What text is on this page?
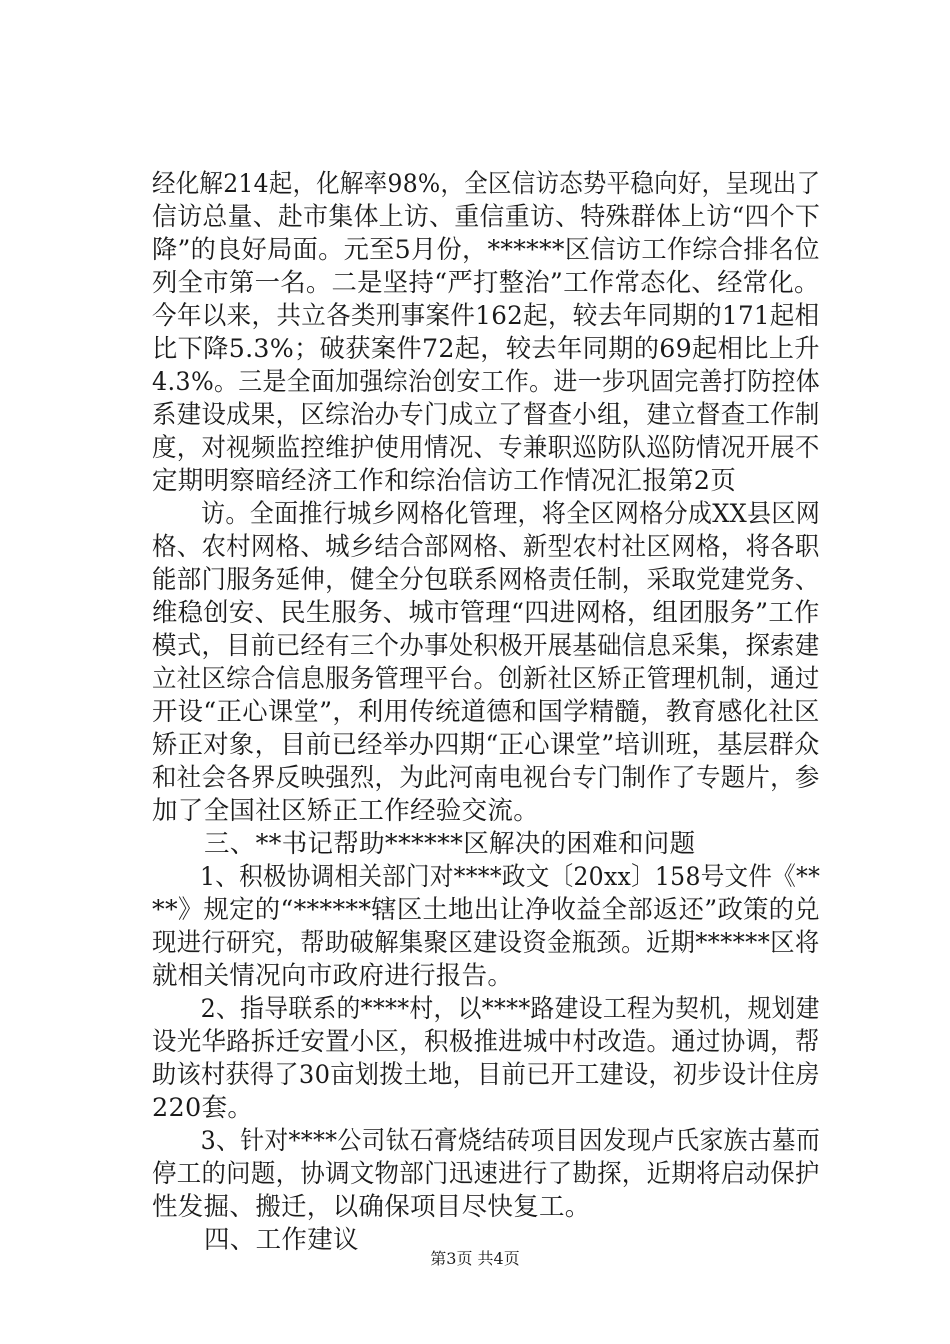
经化解214起，化解率98%，全区信访态势平稳向好，呈现出了
信访总量、赴市集体上访、重信重访、特殊群体上访“四个下
降”的良好局面。元至5月份，******区信访工作综合排名位
列全市第一名。二是坚持“严打整治”工作常态化、经常化。
今年以来，共立各类刑事案件162起，较去年同期的171起相
比下降5.3%；破获案件72起，较去年同期的69起相比上升
4.3%。三是全面加强综治创安工作。进一步巩固完善打防控体
系建设成果，区综治办专门成立了督查小组，建立督查工作制
度，对视频监控维护使用情况、专兼职巡防队巡防情况开展不
定期明察暗经济工作和综治信访工作情况汇报第2页
访。全面推行城乡网格化管理，将全区网格分成XX县区网
格、农村网格、城乡结合部网格、新型农村社区网格，将各职
能部门服务延伸，健全分包联系网格责任制，采取党建党务、
维稳创安、民生服务、城市管理“四进网格，组团服务”工作
模式，目前已经有三个办事处积极开展基础信息采集，探索建
立社区综合信息服务管理平台。创新社区矫正管理机制，通过
开设“正心课堂”，利用传统道德和国学精髓，教育感化社区
矫正对象，目前已经举办四期“正心课堂”培训班，基层群众
和社会各界反映强烈，为此河南电视台专门制作了专题片，参
加了全国社区矫正工作经验交流。
三、**书记帮助******区解决的困难和问题
1、积极协调相关部门对****政文〔20xx〕158号文件《**
**》规定的“******辖区土地出让净收益全部返还”政策的兑
现进行研究，帮助破解集聚区建设资金瓶颈。近期******区将
就相关情况向市政府进行报告。
2、指导联系的****村，以****路建设工程为契机，规划建
设光华路拆迁安置小区，积极推进城中村改造。通过协调，帮
助该村获得了30亩划拨土地，目前已开工建设，初步设计住房
220套。
3、针对****公司钛石膏烧结砖项目因发现卢氏家族古墓而
停工的问题，协调文物部门迅速进行了勘探，近期将启动保护
性发掘、搬迁，以确保项目尽快复工。
四、工作建议
第3页 共4页
